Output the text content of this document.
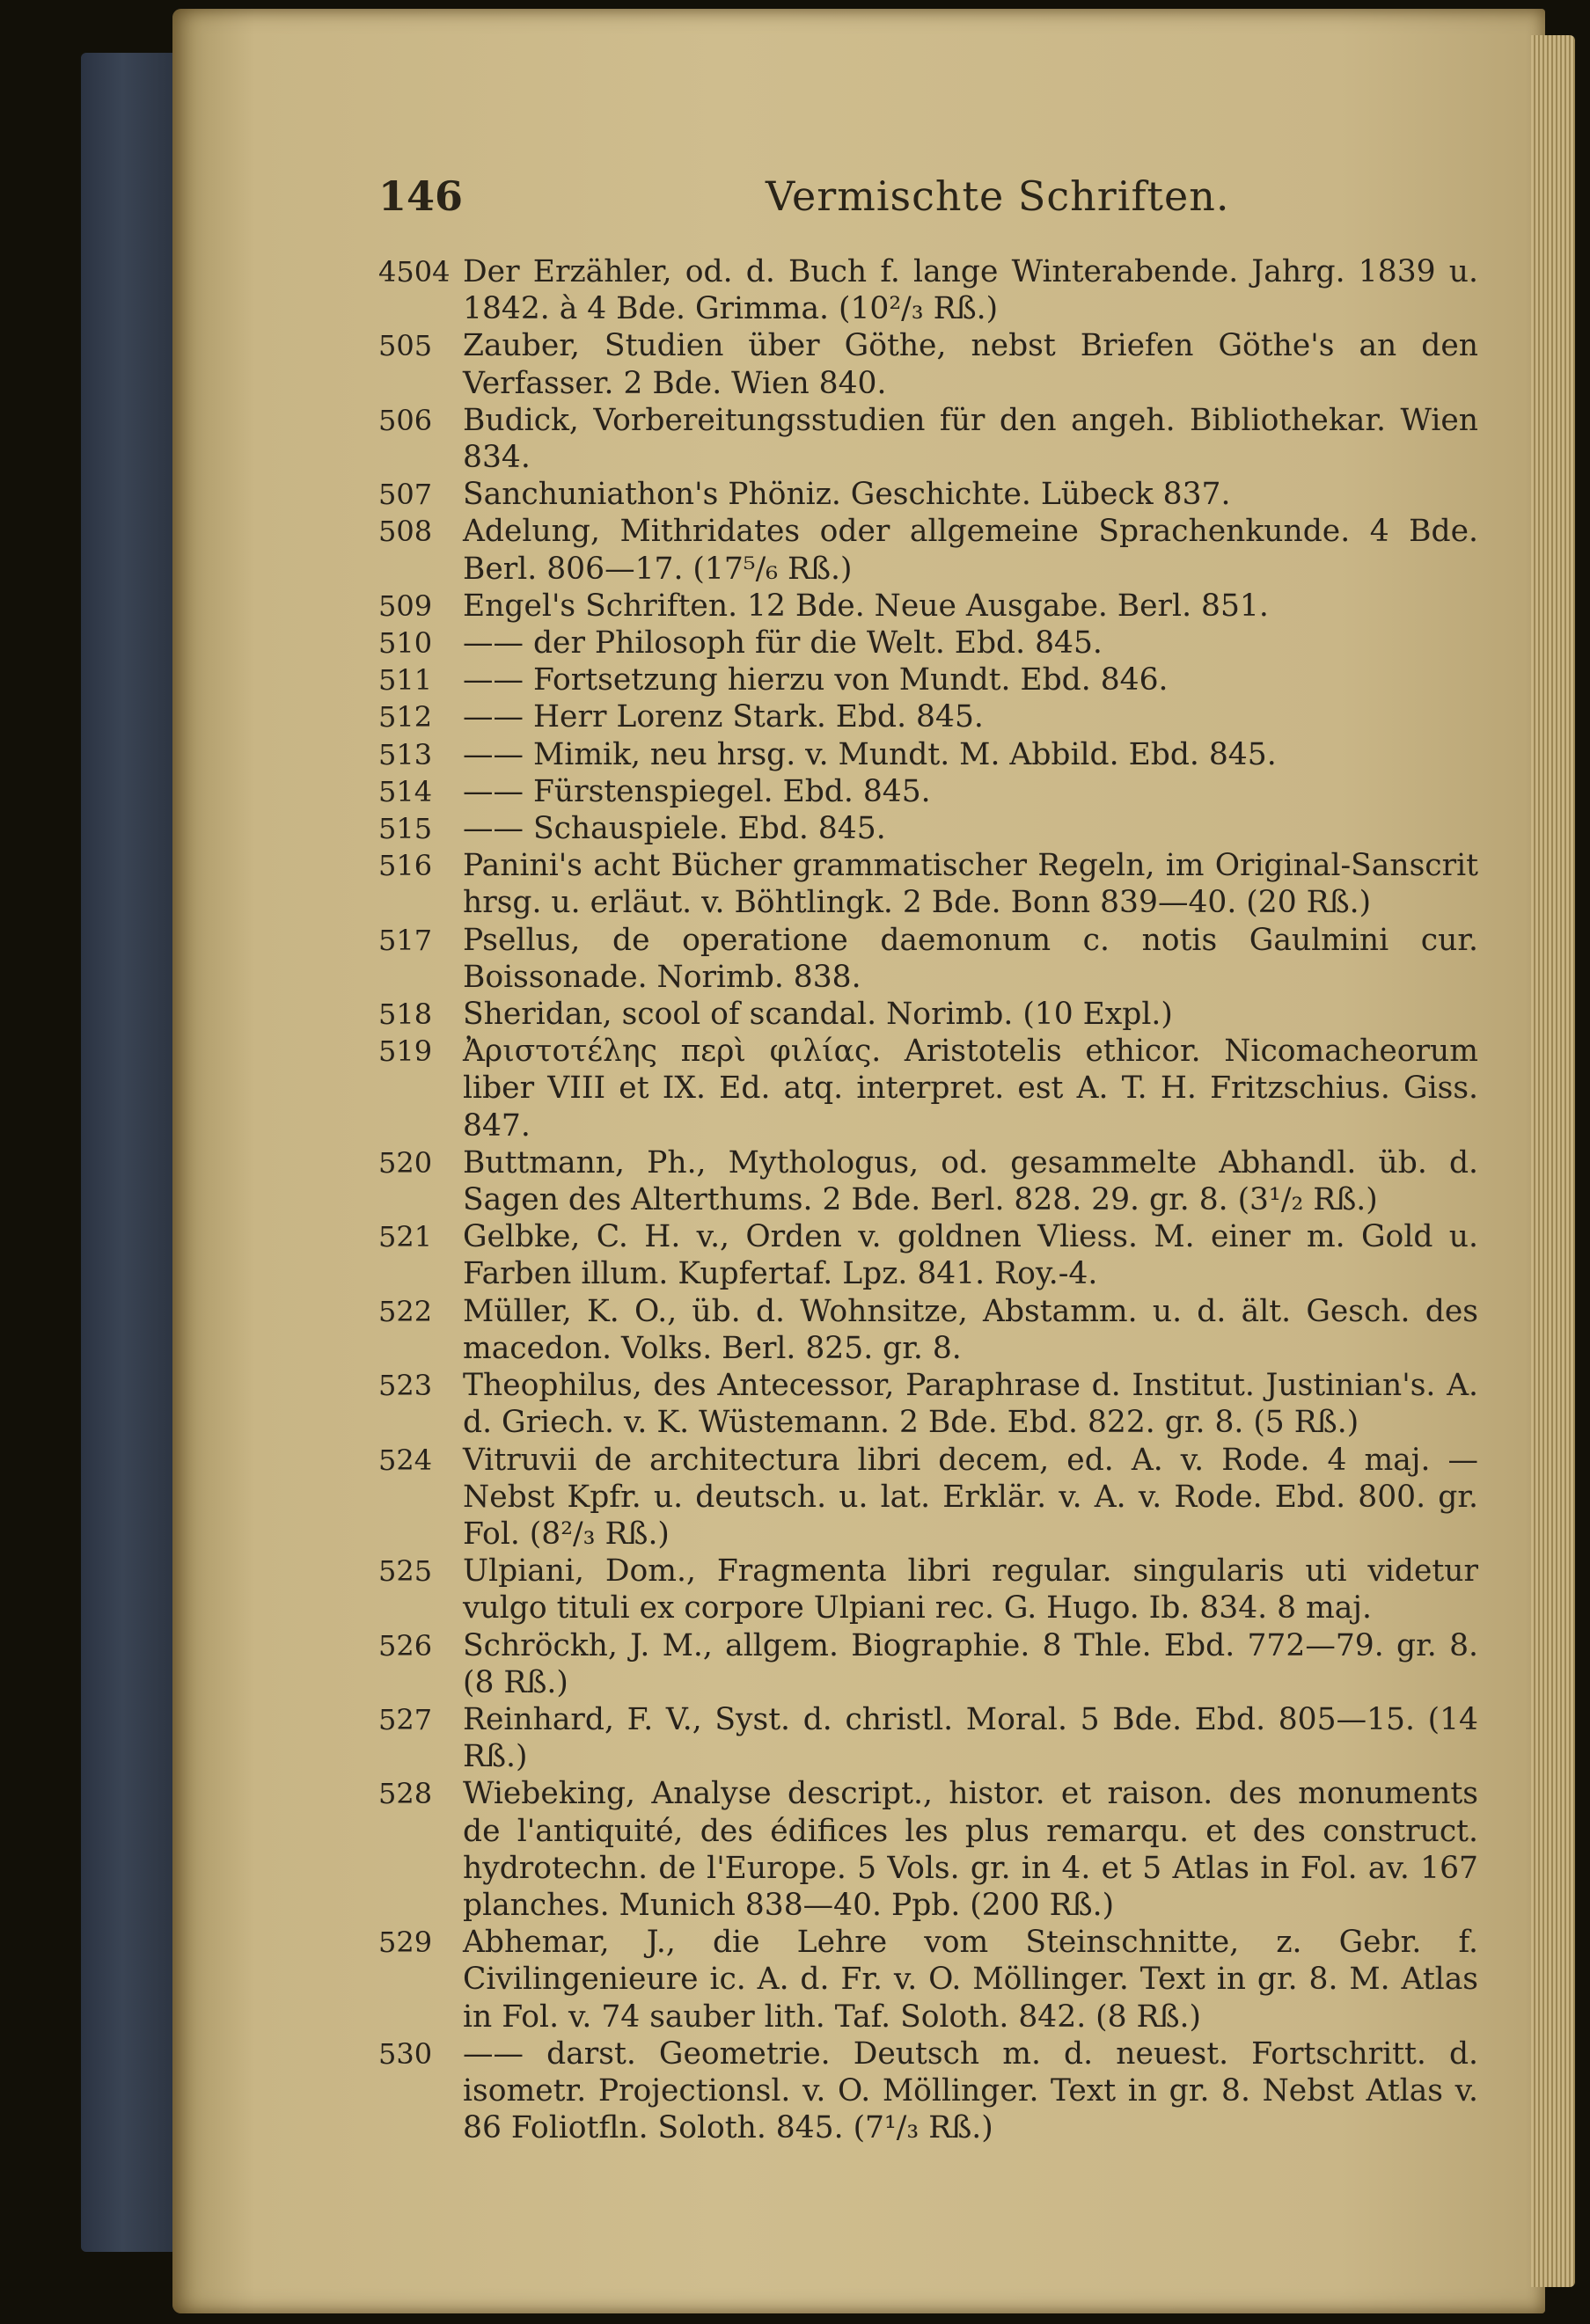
146	Vermischte Schriften.
4504 Der Erzähler, od. d. Buch f. lange Winterabende. Jahrg. 1839 u. 1842. à 4 Bde. Grimma. (10²/₃ Rß.)
505	Zauber, Studien über Göthe, nebst Briefen Göthe's an den Verfasser. 2 Bde. Wien 840.
506	Budick, Vorbereitungsstudien für den angeh. Bibliothekar. Wien 834.
507	Sanchuniathon's Phöniz. Geschichte. Lübeck 837.
508	Adelung, Mithridates oder allgemeine Sprachenkunde. 4 Bde. Berl. 806—17. (17⁵/₆ Rß.)
509	Engel's Schriften. 12 Bde. Neue Ausgabe. Berl. 851.
510	—— der Philosoph für die Welt. Ebd. 845.
511	—— Fortsetzung hierzu von Mundt. Ebd. 846.
512	—— Herr Lorenz Stark. Ebd. 845.
513	—— Mimik, neu hrsg. v. Mundt. M. Abbild. Ebd. 845.
514	—— Fürstenspiegel. Ebd. 845.
515	—— Schauspiele. Ebd. 845.
516	Panini's acht Bücher grammatischer Regeln, im Original-Sanscrit hrsg. u. erläut. v. Böhtlingk. 2 Bde. Bonn 839—40. (20 Rß.)
517	Psellus, de operatione daemonum c. notis Gaulmini cur. Boissonade. Norimb. 838.
518	Sheridan, scool of scandal. Norimb. (10 Expl.)
519	Ἀριστοτέλης περὶ φιλίας. Aristotelis ethicor. Nicomacheorum liber VIII et IX. Ed. atq. interpret. est A. T. H. Fritzschius. Giss. 847.
520	Buttmann, Ph., Mythologus, od. gesammelte Abhandl. üb. d. Sagen des Alterthums. 2 Bde. Berl. 828. 29. gr. 8. (3¹/₂ Rß.)
521	Gelbke, C. H. v., Orden v. goldnen Vliess. M. einer m. Gold u. Farben illum. Kupfertaf. Lpz. 841. Roy.-4.
522	Müller, K. O., üb. d. Wohnsitze, Abstamm. u. d. ält. Gesch. des macedon. Volks. Berl. 825. gr. 8.
523	Theophilus, des Antecessor, Paraphrase d. Institut. Justinian's. A. d. Griech. v. K. Wüstemann. 2 Bde. Ebd. 822. gr. 8. (5 Rß.)
524	Vitruvii de architectura libri decem, ed. A. v. Rode. 4 maj. — Nebst Kpfr. u. deutsch. u. lat. Erklär. v. A. v. Rode. Ebd. 800. gr. Fol. (8²/₃ Rß.)
525	Ulpiani, Dom., Fragmenta libri regular. singularis uti videtur vulgo tituli ex corpore Ulpiani rec. G. Hugo. Ib. 834. 8 maj.
526	Schröckh, J. M., allgem. Biographie. 8 Thle. Ebd. 772—79. gr. 8. (8 Rß.)
527	Reinhard, F. V., Syst. d. christl. Moral. 5 Bde. Ebd. 805—15. (14 Rß.)
528	Wiebeking, Analyse descript., histor. et raison. des monuments de l'antiquité, des édifices les plus remarqu. et des construct. hydrotechn. de l'Europe. 5 Vols. gr. in 4. et 5 Atlas in Fol. av. 167 planches. Munich 838—40. Ppb. (200 Rß.)
529	Abhemar, J., die Lehre vom Steinschnitte, z. Gebr. f. Civilingenieure ic. A. d. Fr. v. O. Möllinger. Text in gr. 8. M. Atlas in Fol. v. 74 sauber lith. Taf. Soloth. 842. (8 Rß.)
530	—— darst. Geometrie. Deutsch m. d. neuest. Fortschritt. d. isometr. Projectionsl. v. O. Möllinger. Text in gr. 8. Nebst Atlas v. 86 Foliotfln. Soloth. 845. (7¹/₃ Rß.)
